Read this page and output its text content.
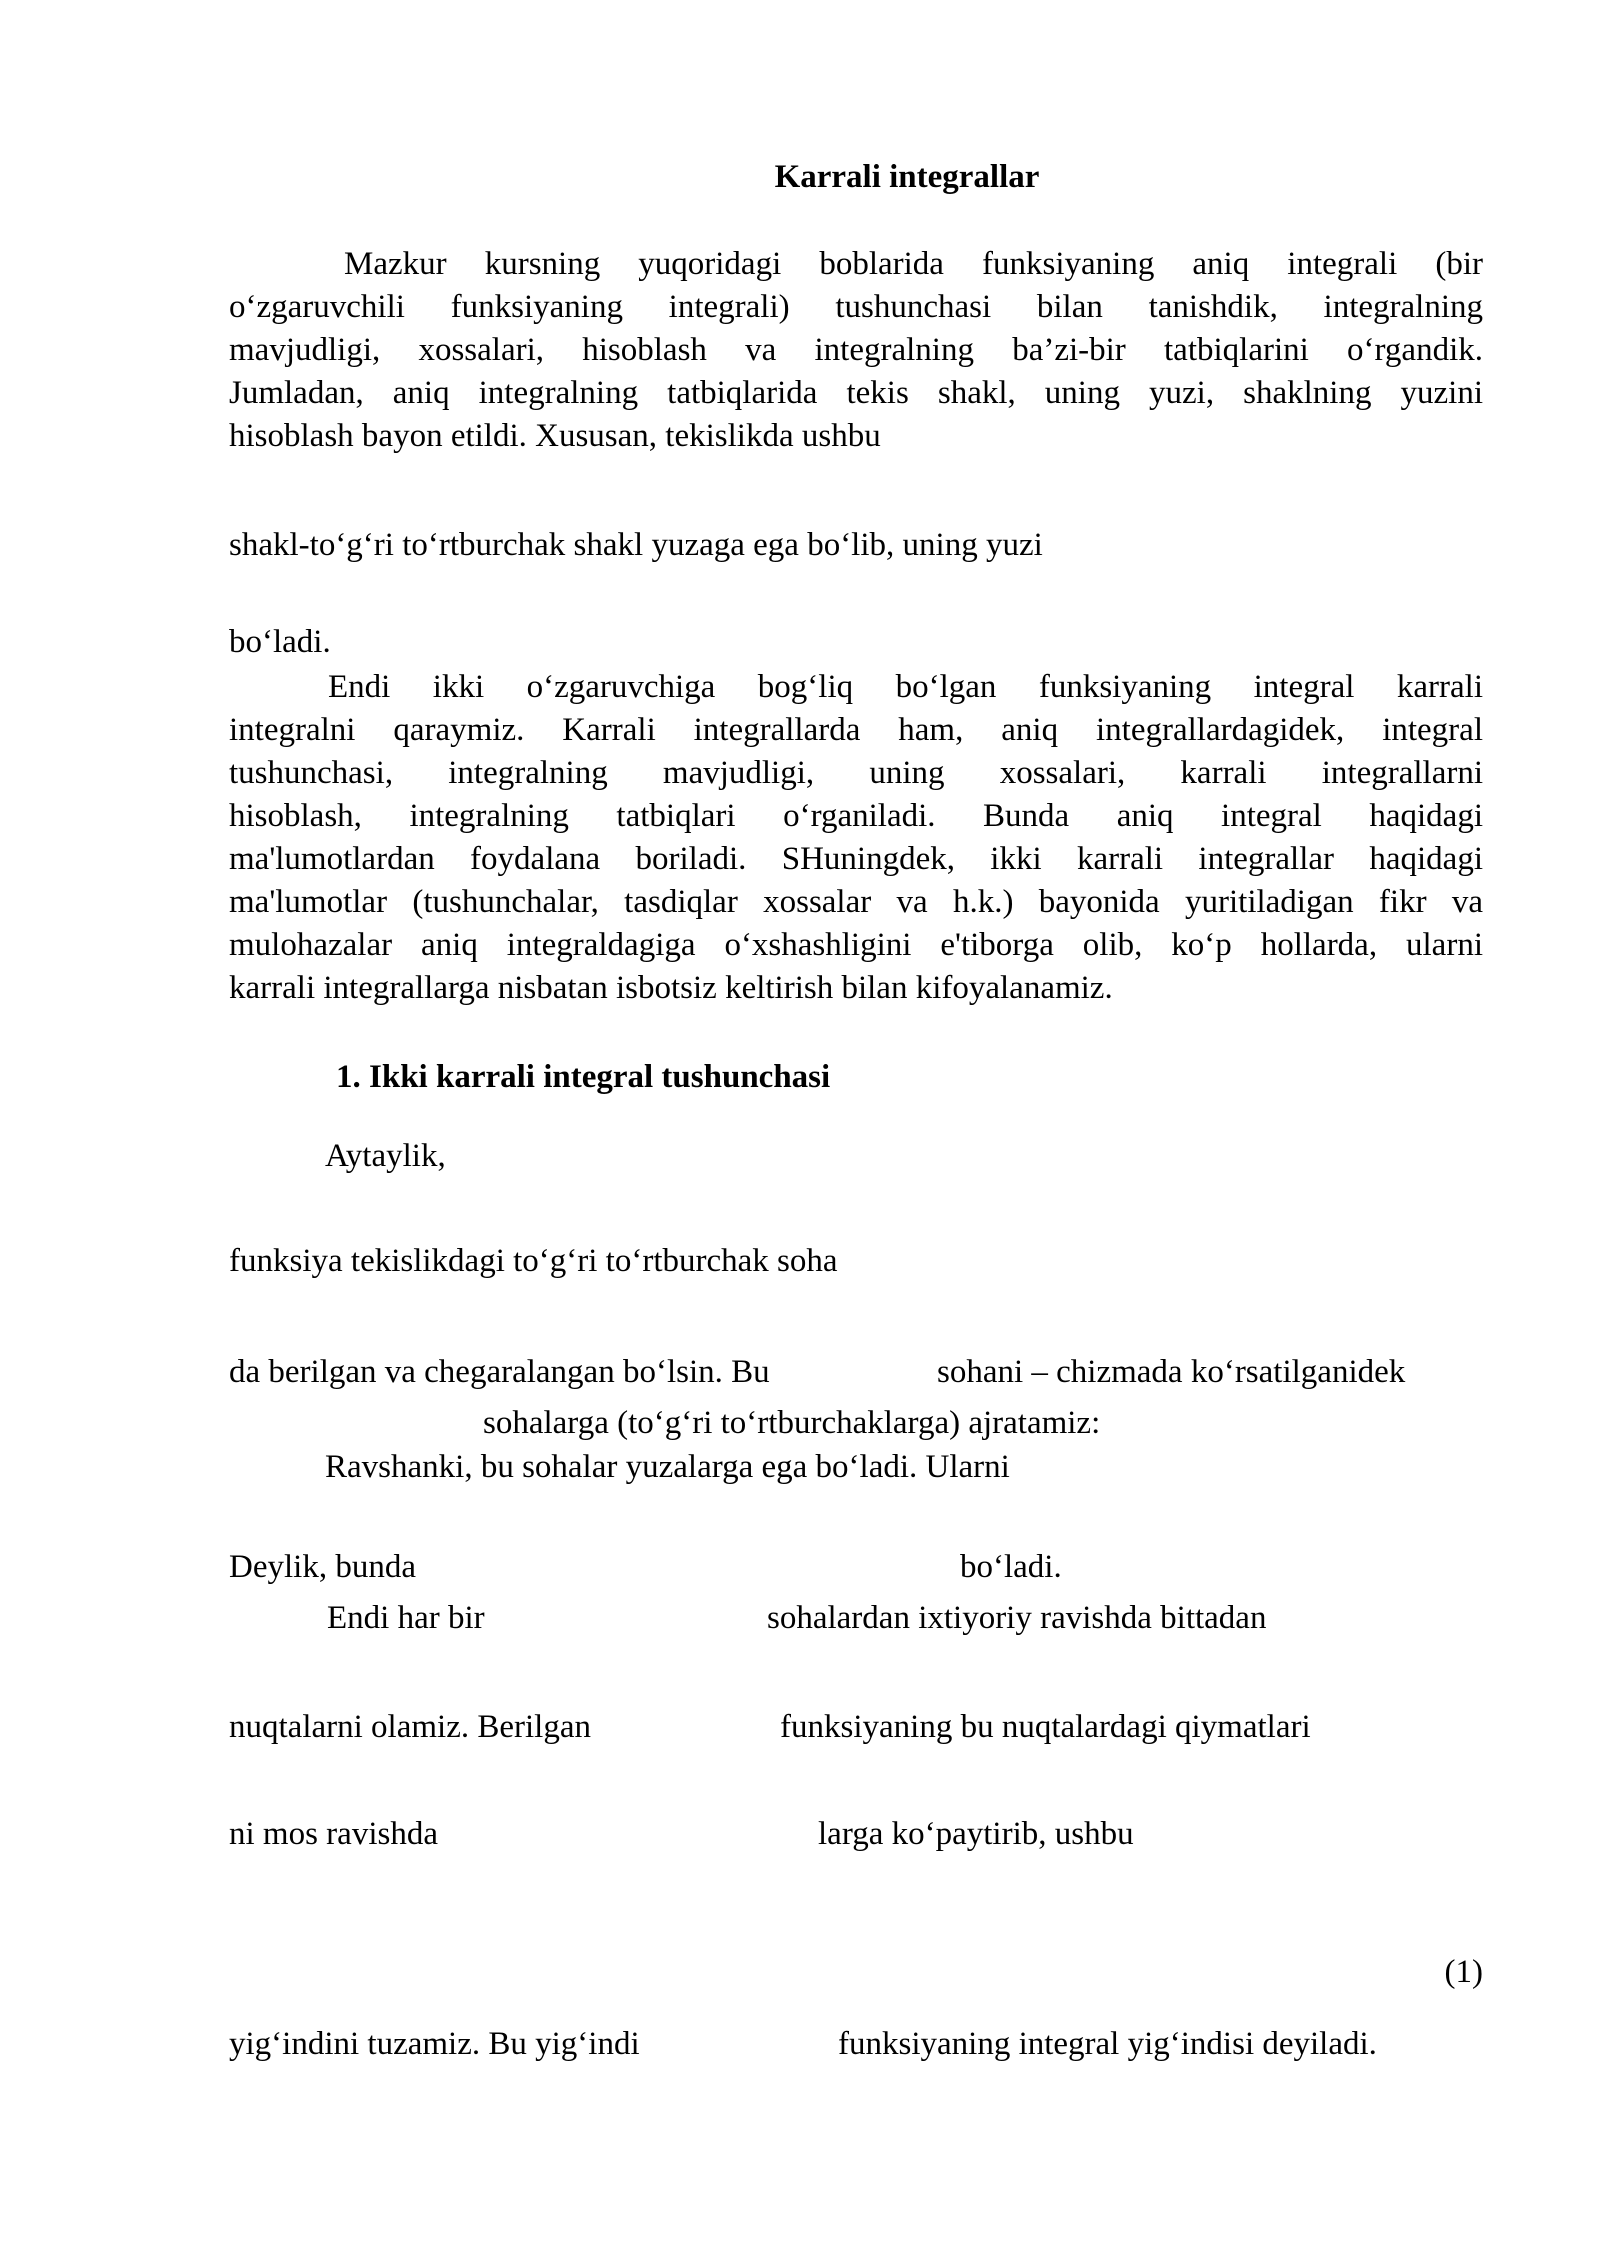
Karrali integrallar
Mazkur kursning yuqoridagi boblarida funksiyaning aniq integrali (bir
o‘zgaruvchili funksiyaning integrali) tushunchasi bilan tanishdik, integralning
mavjudligi, xossalari, hisoblash va integralning ba’zi-bir tatbiqlarini o‘rgandik.
Jumladan, aniq integralning tatbiqlarida tekis shakl, uning yuzi, shaklning yuzini
hisoblash bayon etildi. Xususan, tekislikda ushbu
shakl-to‘g‘ri to‘rtburchak shakl yuzaga ega bo‘lib, uning yuzi
bo‘ladi.
Endi ikki o‘zgaruvchiga bog‘liq bo‘lgan funksiyaning integral karrali
integralni qaraymiz. Karrali integrallarda ham, aniq integrallardagidek, integral
tushunchasi, integralning mavjudligi, uning xossalari, karrali integrallarni
hisoblash, integralning tatbiqlari o‘rganiladi. Bunda aniq integral haqidagi
ma'lumotlardan foydalana boriladi. SHuningdek, ikki karrali integrallar haqidagi
ma'lumotlar (tushunchalar, tasdiqlar xossalar va h.k.) bayonida yuritiladigan fikr va
mulohazalar aniq integraldagiga o‘xshashligini e'tiborga olib, ko‘p hollarda, ularni
karrali integrallarga nisbatan isbotsiz keltirish bilan kifoyalanamiz.
1. Ikki karrali integral tushunchasi
Aytaylik,
funksiya tekislikdagi to‘g‘ri to‘rtburchak soha
da berilgan va chegaralangan bo‘lsin. Bu	sohani – chizmada ko‘rsatilganidek
sohalarga (to‘g‘ri to‘rtburchaklarga) ajratamiz:
Ravshanki, bu sohalar yuzalarga ega bo‘ladi. Ularni
Deylik, bunda	bo‘ladi.
Endi har bir	sohalardan ixtiyoriy ravishda bittadan
nuqtalarni olamiz. Berilgan	funksiyaning bu nuqtalardagi qiymatlari
ni mos ravishda	larga ko‘paytirib, ushbu
(1)
yig‘indini tuzamiz. Bu yig‘indi	funksiyaning integral yig‘indisi deyiladi.
